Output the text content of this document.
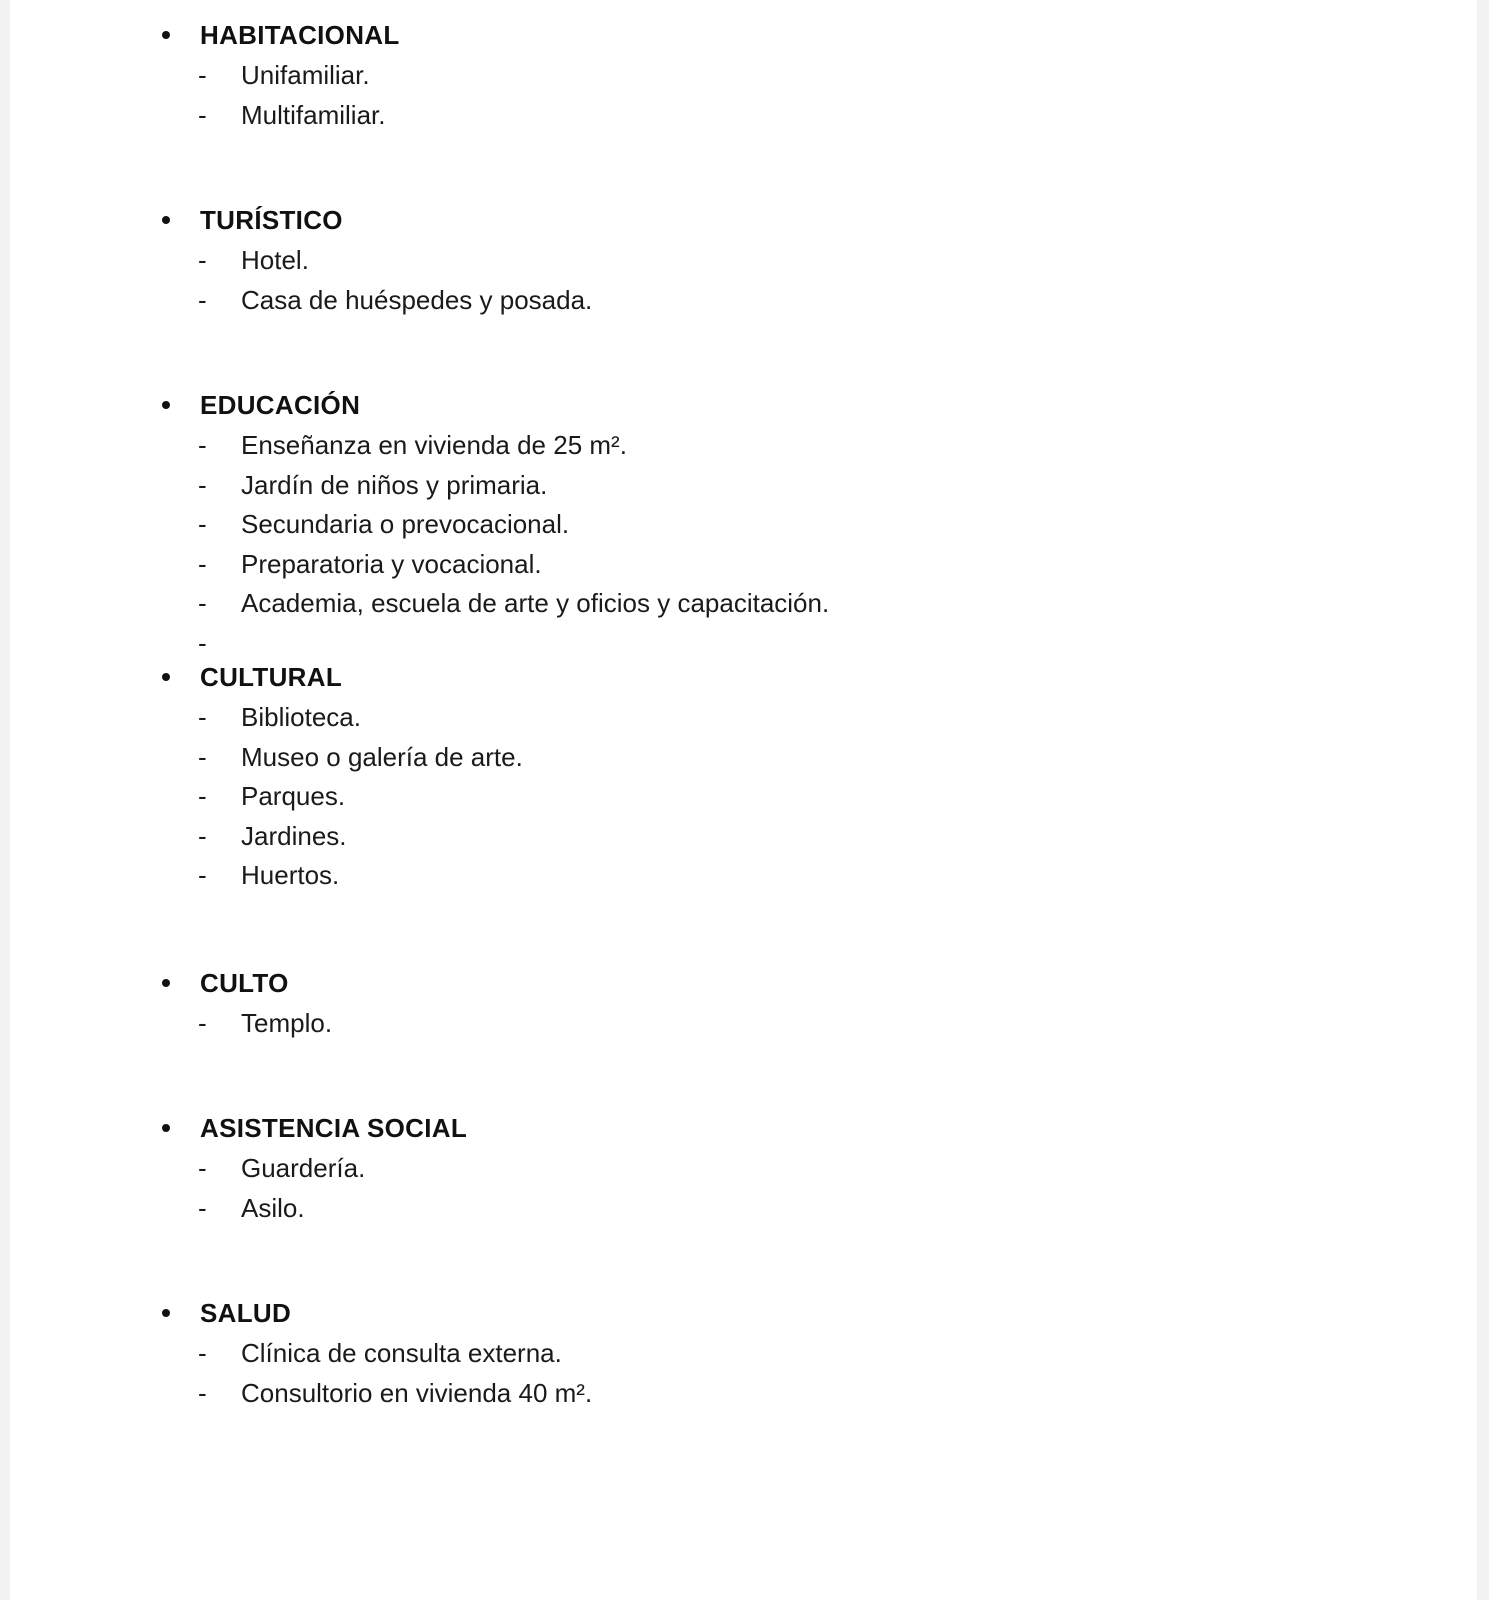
HABITACIONAL
- Unifamiliar.
- Multifamiliar.
TURÍSTICO
- Hotel.
- Casa de huéspedes y posada.
EDUCACIÓN
- Enseñanza en vivienda de 25 m².
- Jardín de niños y primaria.
- Secundaria o prevocacional.
- Preparatoria y vocacional.
- Academia, escuela de arte y oficios y capacitación.
-
CULTURAL
- Biblioteca.
- Museo o galería de arte.
- Parques.
- Jardines.
- Huertos.
CULTO
- Templo.
ASISTENCIA SOCIAL
- Guardería.
- Asilo.
SALUD
- Clínica de consulta externa.
- Consultorio en vivienda 40 m².
